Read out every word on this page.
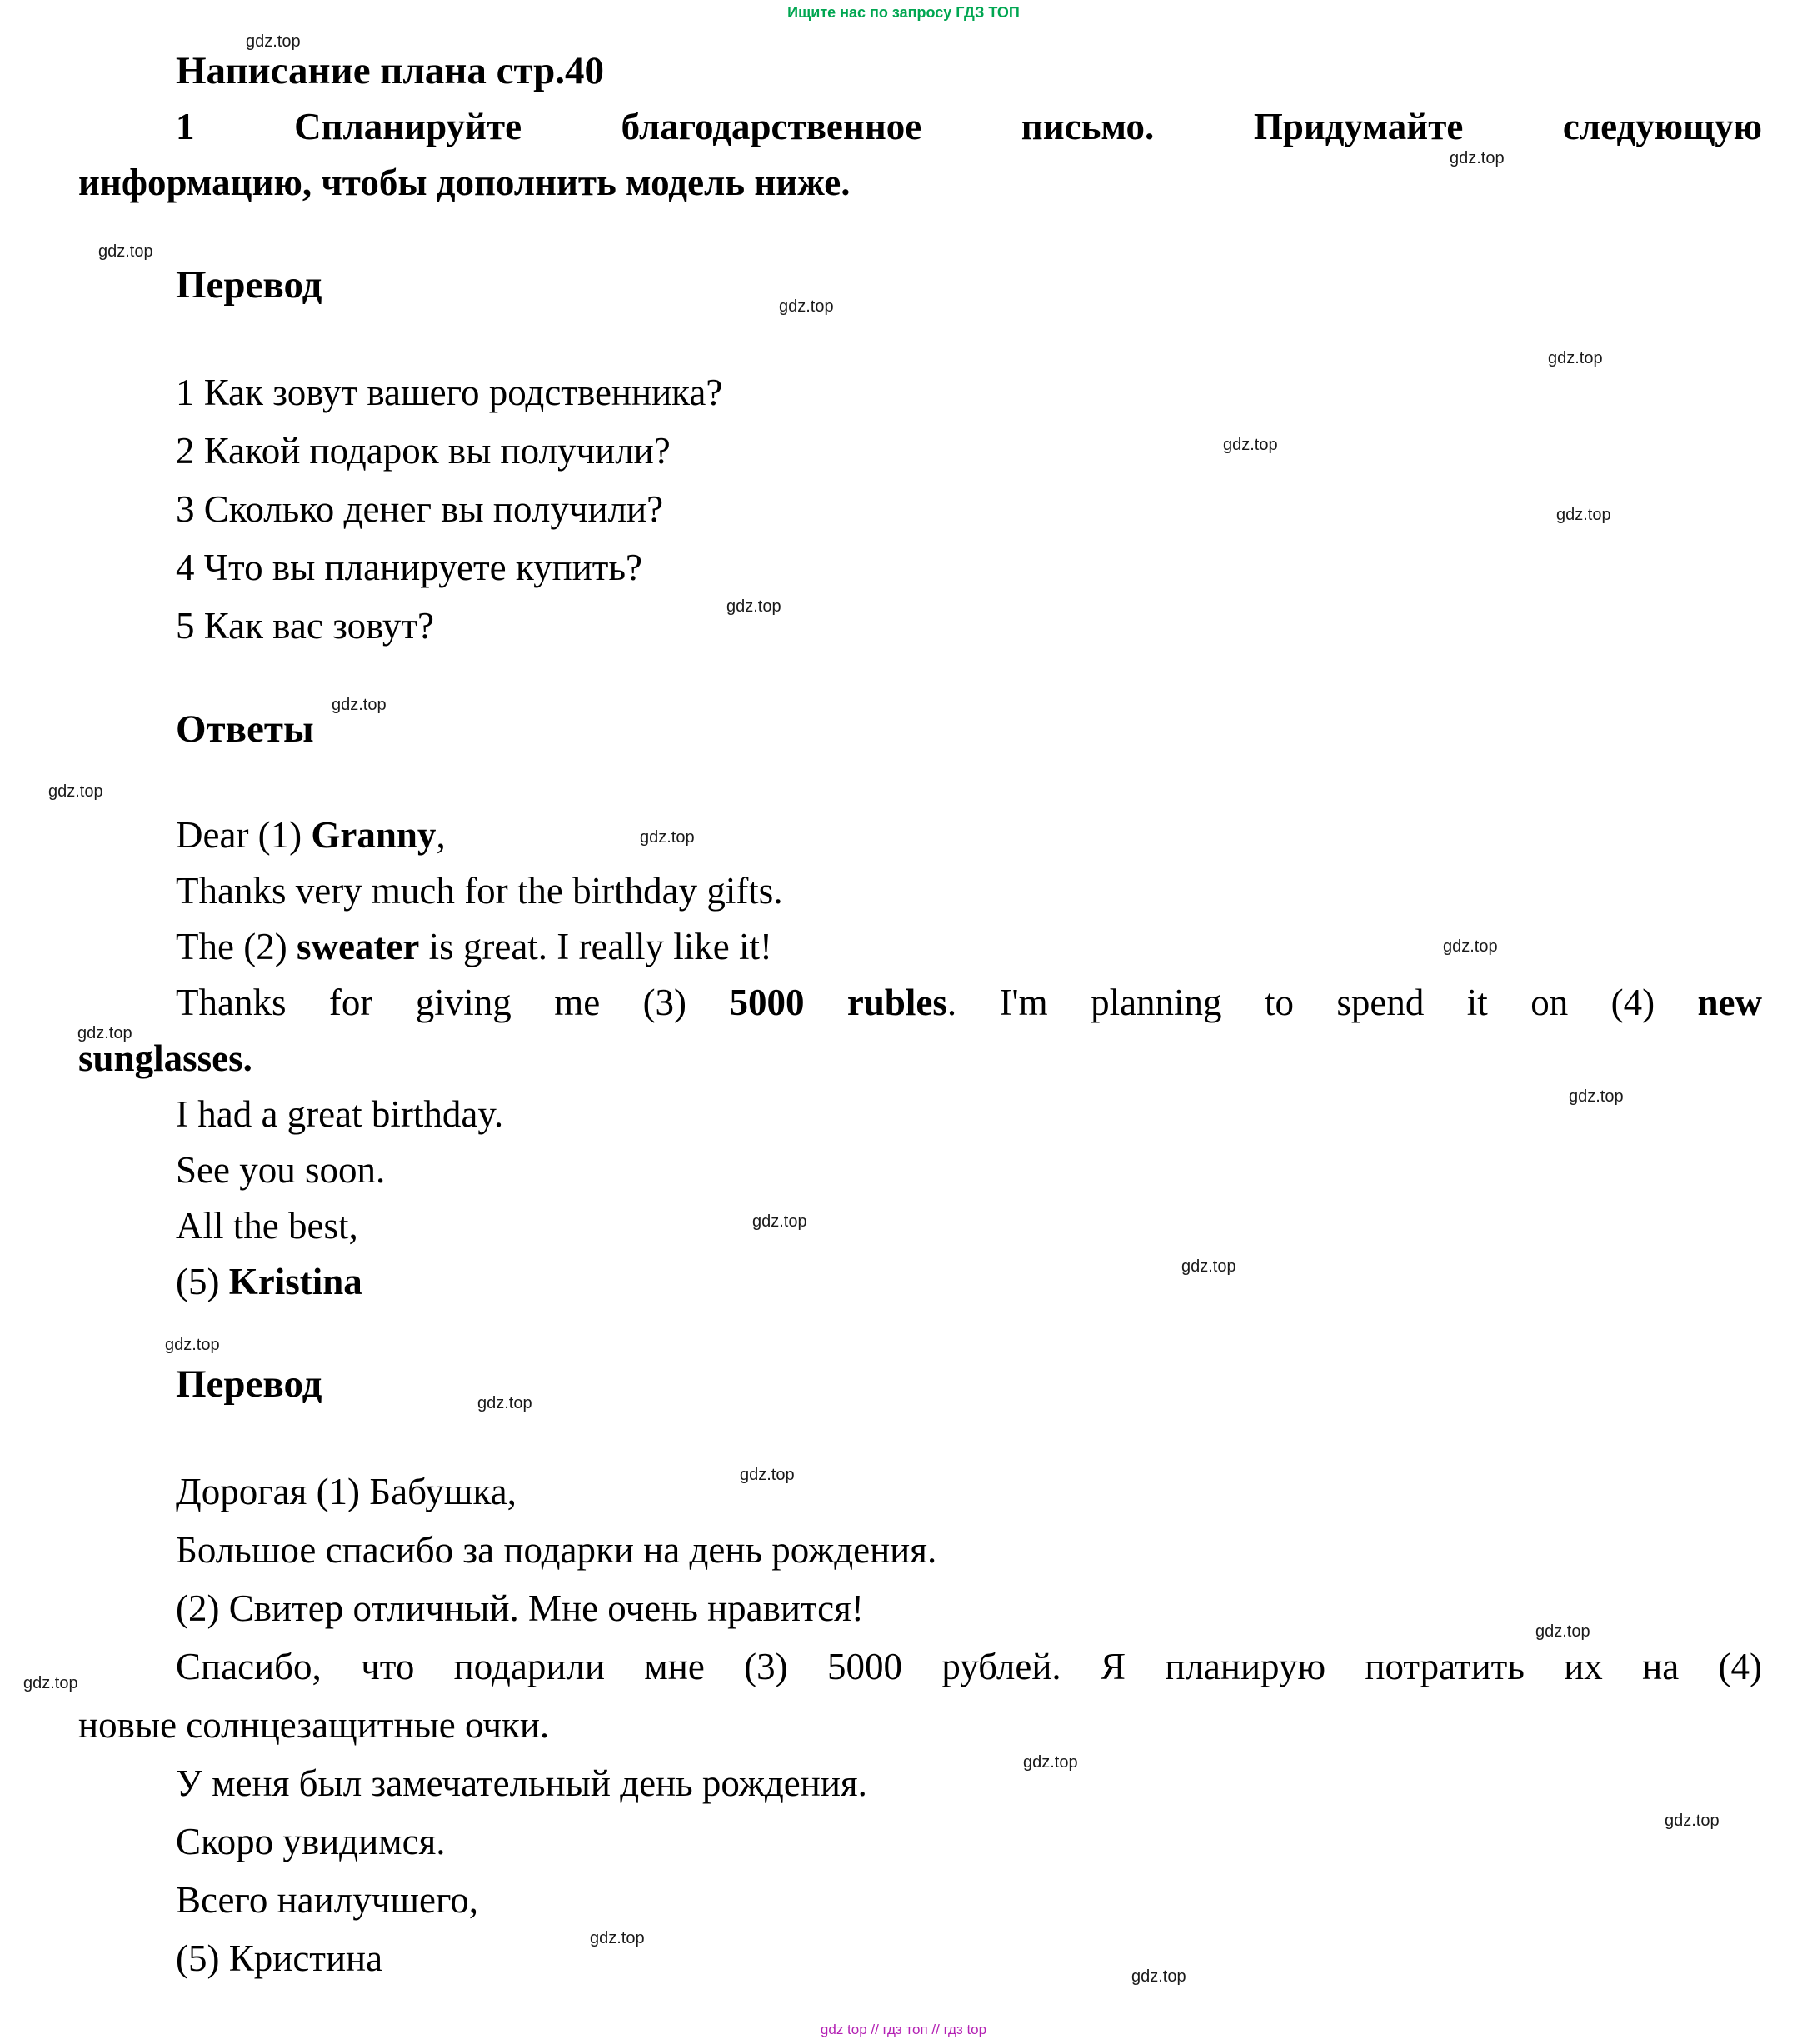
Ищите нас по запросу ГДЗ ТОП
Написание плана стр.40

1 Спланируйте благодарственное письмо. Придумайте следующую

информацию, чтобы дополнить модель ниже.

Перевод

1 Как зовут вашего родственника?

2 Какой подарок вы получили?

3 Сколько денег вы получили?

4 Что вы планируете купить?

5 Как вас зовут?

Ответы

Dear (1) Granny,

Thanks very much for the birthday gifts.

The (2) sweater is great. I really like it!

Thanks for giving me (3) 5000 rubles. I'm planning to spend it on (4) new

sunglasses.

I had a great birthday.

See you soon.

All the best,

(5) Kristina

Перевод

Дорогая (1) Бабушка,

Большое спасибо за подарки на день рождения.

(2) Свитер отличный. Мне очень нравится!

Спасибо, что подарили мне (3) 5000 рублей. Я планирую потратить их на (4)

новые солнцезащитные очки.

У меня был замечательный день рождения.

Скоро увидимся.

Всего наилучшего,

(5) Кристина

gdz.top
gdz.top
gdz.top
gdz.top
gdz.top
gdz.top
gdz.top
gdz.top
gdz.top
gdz.top
gdz.top
gdz.top
gdz.top
gdz.top
gdz.top
gdz.top
gdz.top
gdz.top
gdz.top
gdz.top
gdz.top
gdz.top
gdz.top
gdz.top
gdz.top
gdz top // гдз топ // гдз top
